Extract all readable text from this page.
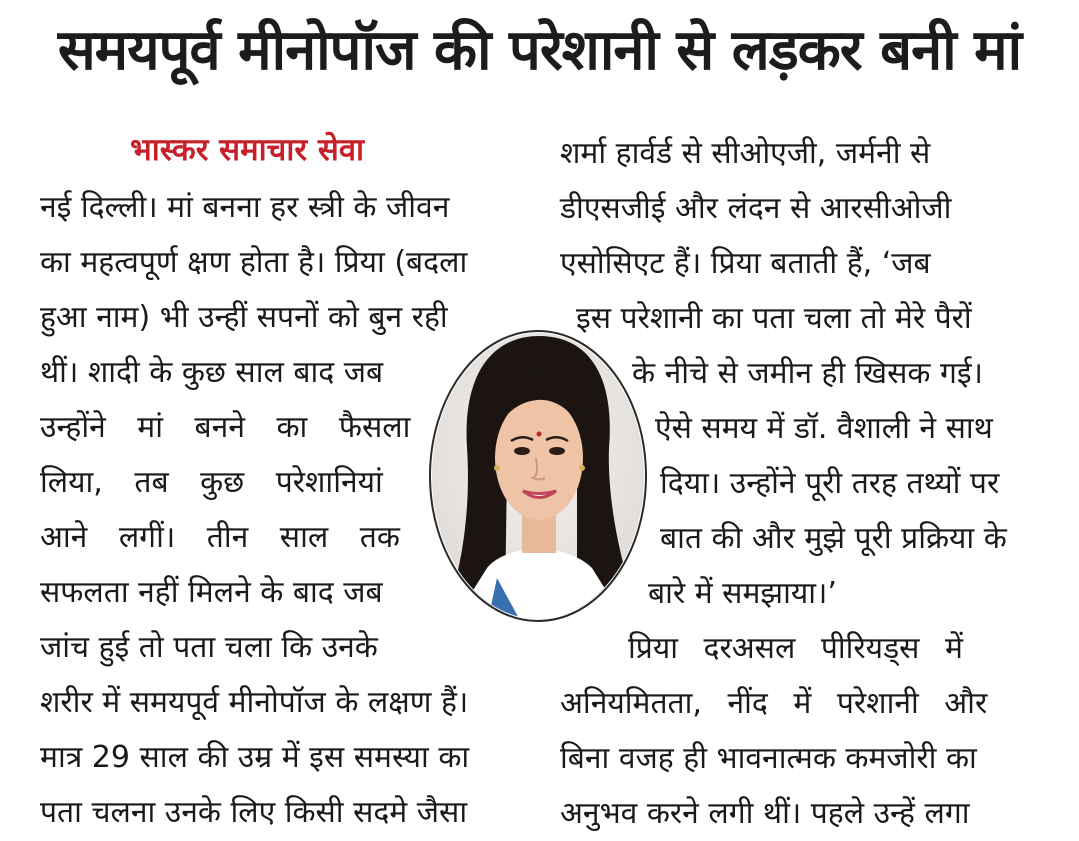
समयपूर्व मीनोपॉज की परेशानी से लड़कर बनी मां
भास्कर समाचार सेवा
नई दिल्ली। मां बनना हर स्त्री के जीवन
का महत्वपूर्ण क्षण होता है। प्रिया (बदला
हुआ नाम) भी उन्हीं सपनों को बुन रही
थीं। शादी के कुछ साल बाद जब
उन्होंने मां बनने का फैसला
लिया, तब कुछ परेशानियां
आने लगीं। तीन साल तक
सफलता नहीं मिलने के बाद जब
जांच हुई तो पता चला कि उनके
शरीर में समयपूर्व मीनोपॉज के लक्षण हैं।
मात्र 29 साल की उम्र में इस समस्या का
पता चलना उनके लिए किसी सदमे जैसा
शर्मा हार्वर्ड से सीओएजी, जर्मनी से
डीएसजीई और लंदन से आरसीओजी
एसोसिएट हैं। प्रिया बताती हैं, ‘जब
इस परेशानी का पता चला तो मेरे पैरों
के नीचे से जमीन ही खिसक गई।
ऐसे समय में डॉ. वैशाली ने साथ
दिया। उन्होंने पूरी तरह तथ्यों पर
बात की और मुझे पूरी प्रक्रिया के
बारे में समझाया।’
प्रिया दरअसल पीरियड्स में
अनियमितता, नींद में परेशानी और
बिना वजह ही भावनात्मक कमजोरी का
अनुभव करने लगी थीं। पहले उन्हें लगा
